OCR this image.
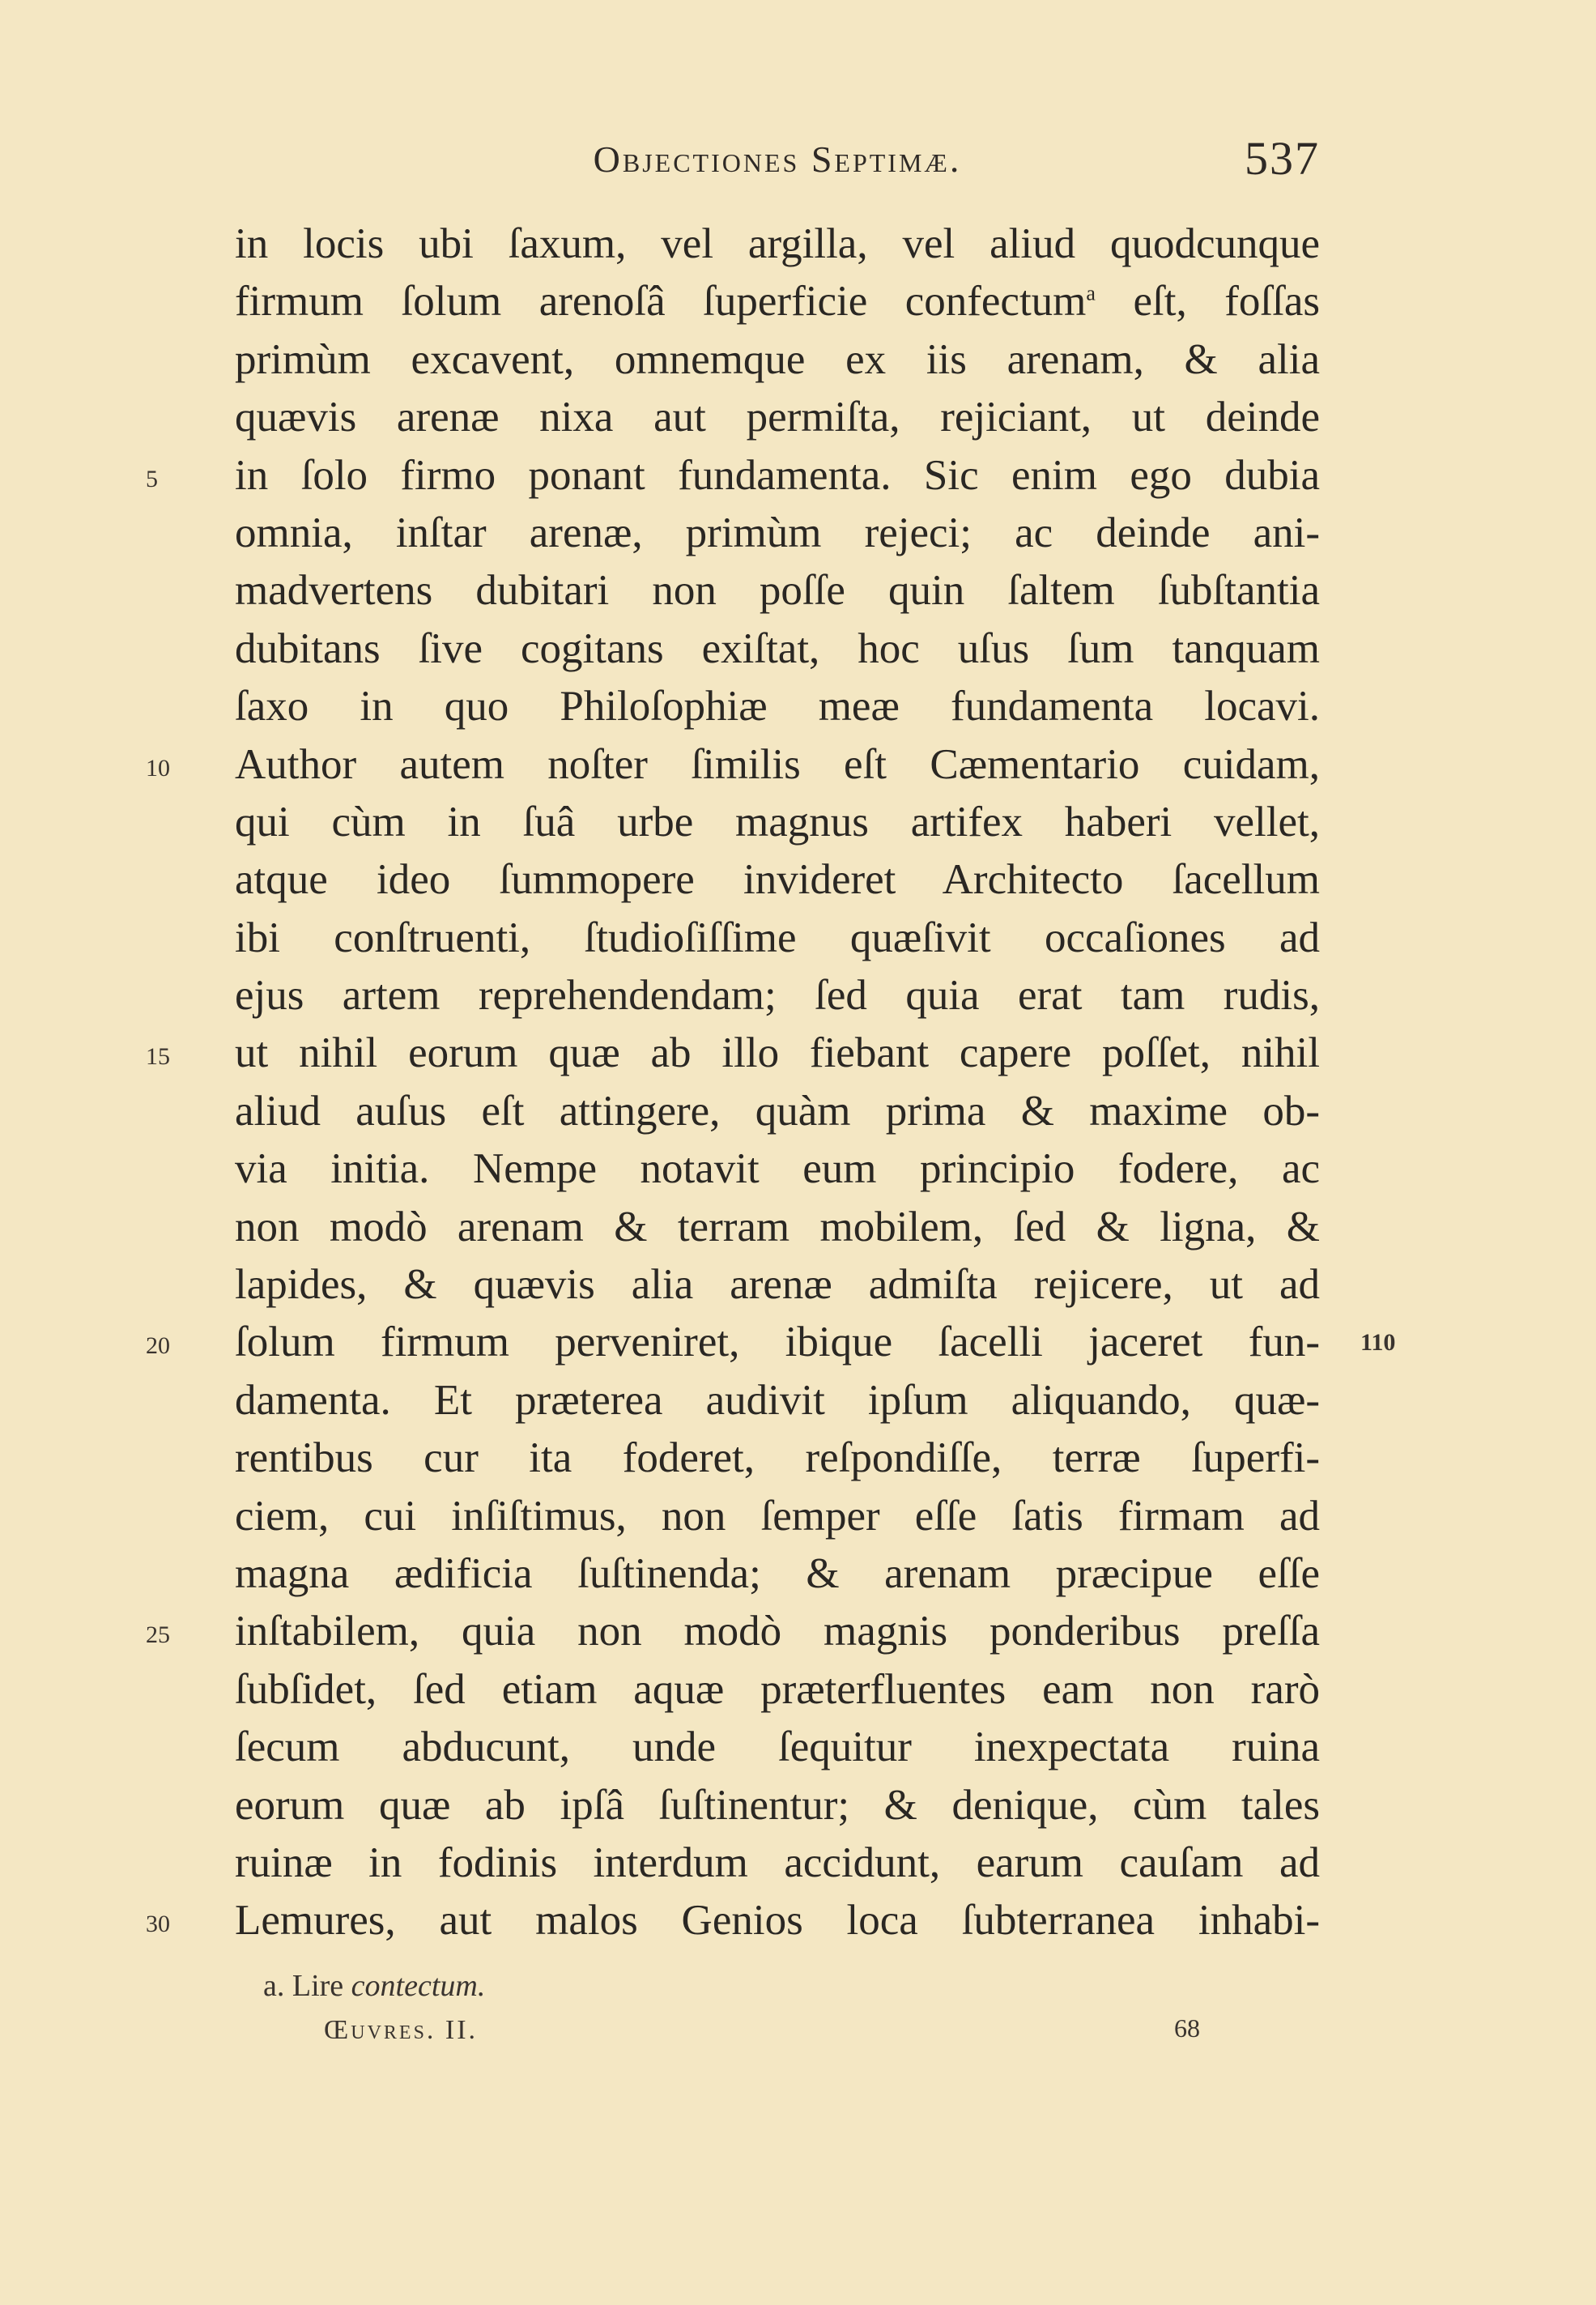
Objectiones Septimæ.	537
in locis ubi ſaxum, vel argilla, vel aliud quodcunque
firmum ſolum arenoſâ ſuperficie confectum$^a$ eſt, foſſas
primùm excavent, omnemque ex iis arenam, & alia
quævis arenæ nixa aut permiſta, rejiciant, ut deinde
5	in ſolo firmo ponant fundamenta. Sic enim ego dubia
omnia, inſtar arenæ, primùm rejeci; ac deinde ani-
madvertens dubitari non poſſe quin ſaltem ſubſtantia
dubitans ſive cogitans exiſtat, hoc uſus ſum tanquam
ſaxo in quo Philoſophiæ meæ fundamenta locavi.
10	Author autem noſter ſimilis eſt Cæmentario cuidam,
qui cùm in ſuâ urbe magnus artifex haberi vellet,
atque ideo ſummopere invideret Architecto ſacellum
ibi conſtruenti, ſtudioſiſſime quæſivit occaſiones ad
ejus artem reprehendendam; ſed quia erat tam rudis,
15	ut nihil eorum quæ ab illo fiebant capere poſſet, nihil
aliud auſus eſt attingere, quàm prima & maxime ob-
via initia. Nempe notavit eum principio fodere, ac
non modò arenam & terram mobilem, ſed & ligna, &
lapides, & quævis alia arenæ admiſta rejicere, ut ad
20	ſolum firmum perveniret, ibique ſacelli jaceret fun- 110
damenta. Et præterea audivit ipſum aliquando, quæ-
rentibus cur ita foderet, reſpondiſſe, terræ ſuperfi-
ciem, cui inſiſtimus, non ſemper eſſe ſatis firmam ad
magna ædificia ſuſtinenda; & arenam præcipue eſſe
25	inſtabilem, quia non modò magnis ponderibus preſſa
ſubſidet, ſed etiam aquæ præterfluentes eam non rarò
ſecum abducunt, unde ſequitur inexpectata ruina
eorum quæ ab ipſâ ſuſtinentur; & denique, cùm tales
ruinæ in fodinis interdum accidunt, earum cauſam ad
30	Lemures, aut malos Genios loca ſubterranea inhabi-
a. Lire contectum.
Œuvres. II.	68
